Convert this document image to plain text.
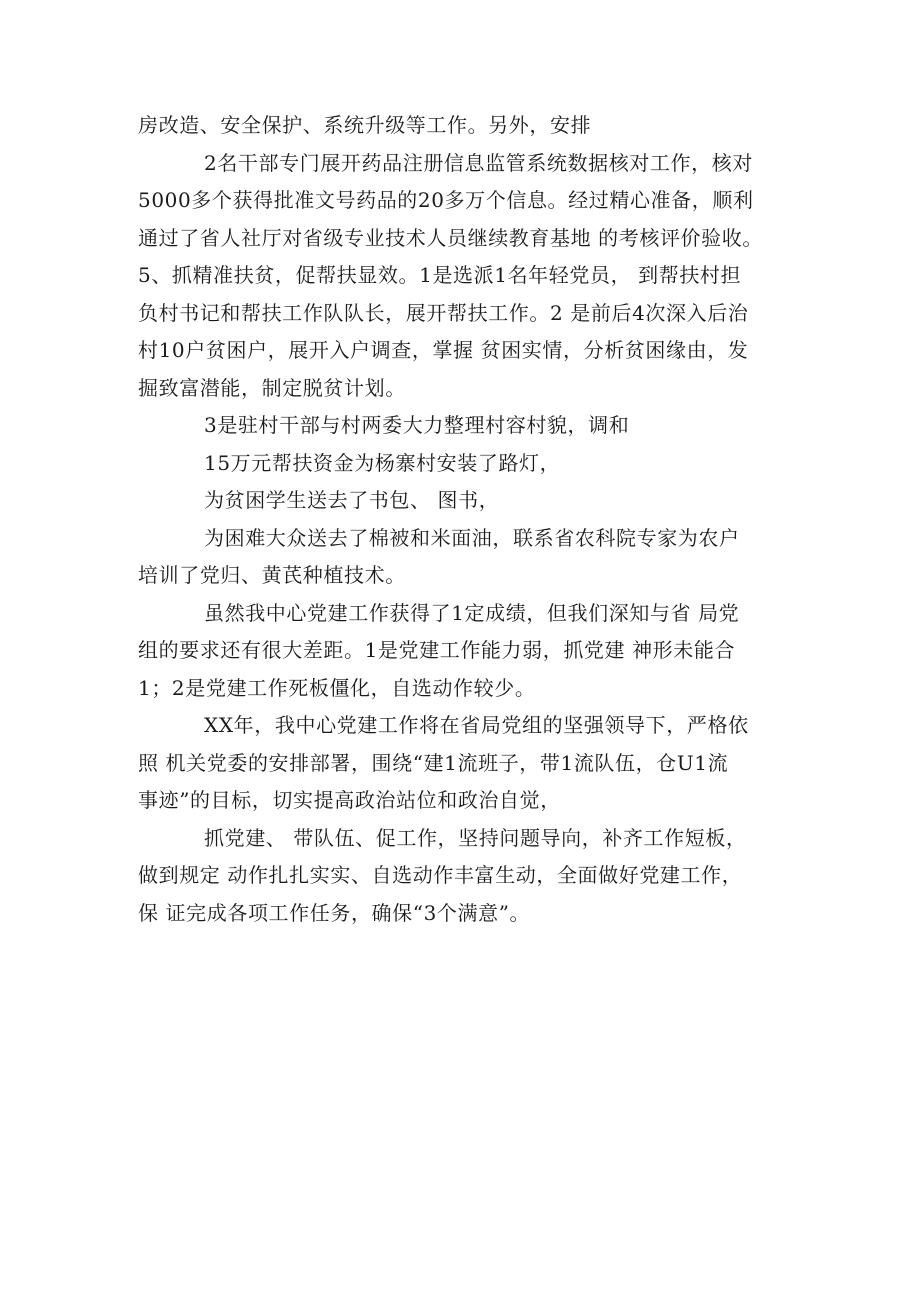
房改造、安全保护、系统升级等工作。另外，安排
2名干部专门展开药品注册信息监管系统数据核对工作，核对
5000多个获得批准文号药品的20多万个信息。经过精心准备，顺利
通过了省人社厅对省级专业技术人员继续教育基地 的考核评价验收。
5、抓精准扶贫，促帮扶显效。1是选派1名年轻党员， 到帮扶村担
负村书记和帮扶工作队队长，展开帮扶工作。2 是前后4次深入后治
村10户贫困户，展开入户调查，掌握 贫困实情，分析贫困缘由，发
掘致富潜能，制定脱贫计划。
3是驻村干部与村两委大力整理村容村貌，调和
15万元帮扶资金为杨寨村安装了路灯，
为贫困学生送去了书包、 图书，
为困难大众送去了棉被和米面油，联系省农科院专家为农户
培训了党归、黄芪种植技术。
虽然我中心党建工作获得了1定成绩，但我们深知与省 局党
组的要求还有很大差距。1是党建工作能力弱，抓党建 神形未能合
1；2是党建工作死板僵化，自选动作较少。
XX年，我中心党建工作将在省局党组的坚强领导下，严格依
照 机关党委的安排部署，围绕“建1流班子，带1流队伍，仓U1流
事迹”的目标，切实提高政治站位和政治自觉，
抓党建、 带队伍、促工作，坚持问题导向，补齐工作短板，
做到规定 动作扎扎实实、自选动作丰富生动，全面做好党建工作，
保 证完成各项工作任务，确保“3个满意”。
